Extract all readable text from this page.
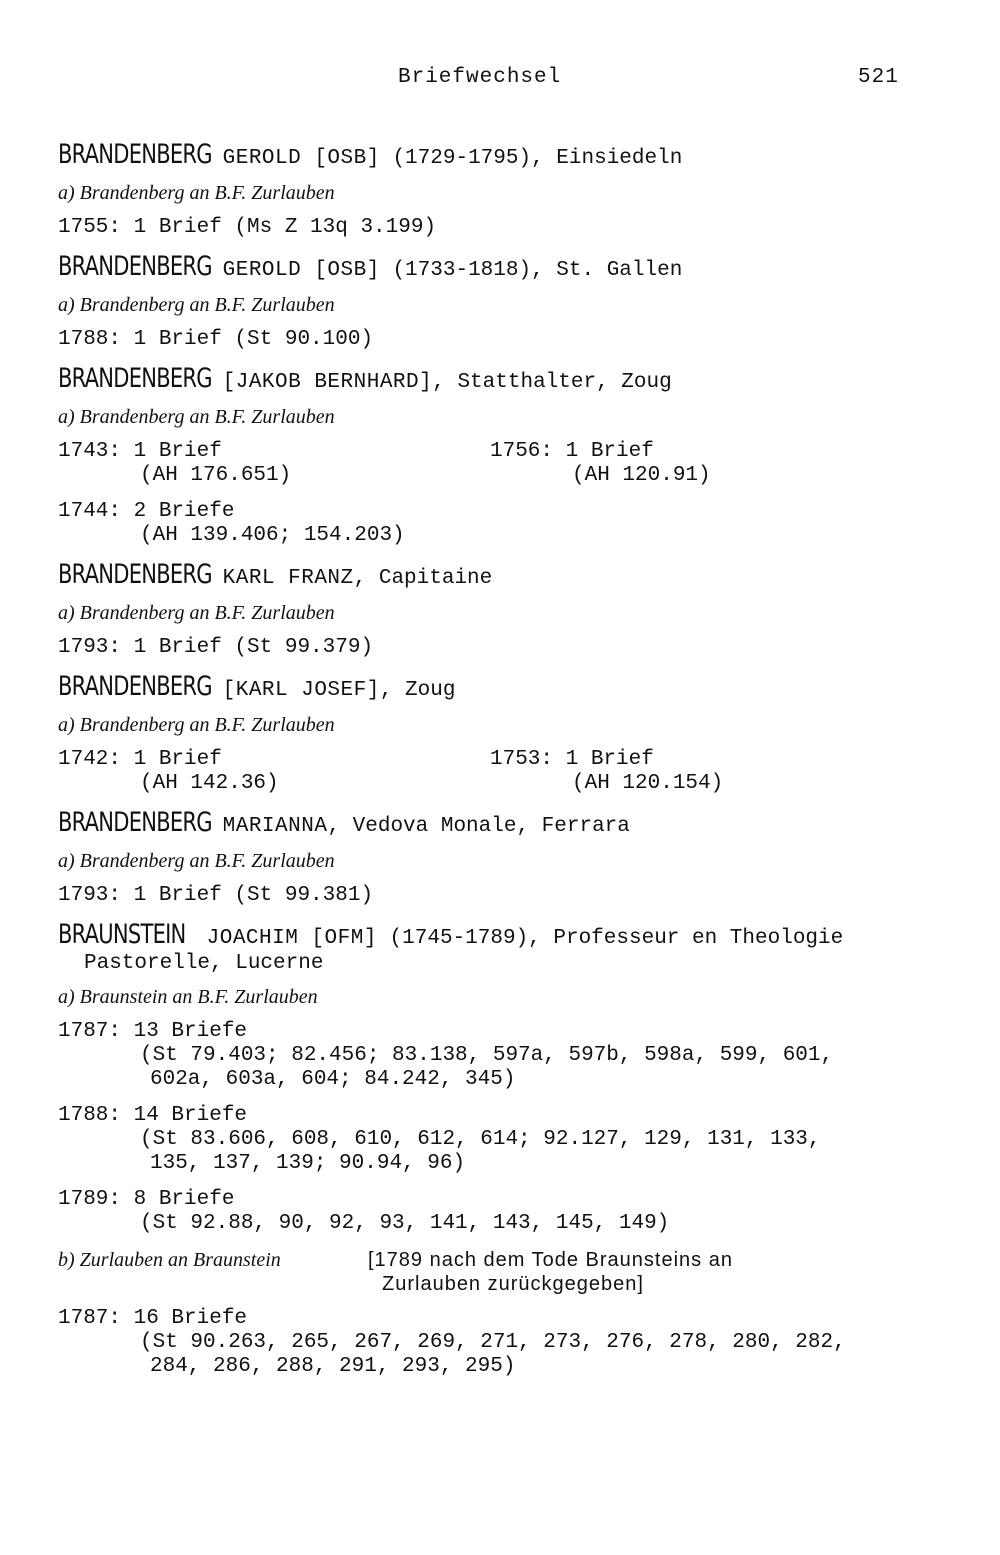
Briefwechsel	521
BRANDENBERG GEROLD [OSB] (1729-1795), Einsiedeln
a) Brandenberg an B.F. Zurlauben
1755: 1 Brief (Ms Z 13q 3.199)
BRANDENBERG GEROLD [OSB] (1733-1818), St. Gallen
a) Brandenberg an B.F. Zurlauben
1788: 1 Brief (St 90.100)
BRANDENBERG [JAKOB BERNHARD], Statthalter, Zoug
a) Brandenberg an B.F. Zurlauben
1743: 1 Brief
(AH 176.651)
1756: 1 Brief
(AH 120.91)
1744: 2 Briefe
(AH 139.406; 154.203)
BRANDENBERG KARL FRANZ, Capitaine
a) Brandenberg an B.F. Zurlauben
1793: 1 Brief (St 99.379)
BRANDENBERG [KARL JOSEF], Zoug
a) Brandenberg an B.F. Zurlauben
1742: 1 Brief
(AH 142.36)
1753: 1 Brief
(AH 120.154)
BRANDENBERG MARIANNA, Vedova Monale, Ferrara
a) Brandenberg an B.F. Zurlauben
1793: 1 Brief (St 99.381)
BRAUNSTEIN JOACHIM [OFM] (1745-1789), Professeur en Theologie
Pastorelle, Lucerne
a) Braunstein an B.F. Zurlauben
1787: 13 Briefe
(St 79.403; 82.456; 83.138, 597a, 597b, 598a, 599, 601,
602a, 603a, 604; 84.242, 345)
1788: 14 Briefe
(St 83.606, 608, 610, 612, 614; 92.127, 129, 131, 133,
135, 137, 139; 90.94, 96)
1789: 8 Briefe
(St 92.88, 90, 92, 93, 141, 143, 145, 149)
b) Zurlauben an Braunstein	[1789 nach dem Tode Braunsteins an
Zurlauben zurückgegeben]
1787: 16 Briefe
(St 90.263, 265, 267, 269, 271, 273, 276, 278, 280, 282,
284, 286, 288, 291, 293, 295)
